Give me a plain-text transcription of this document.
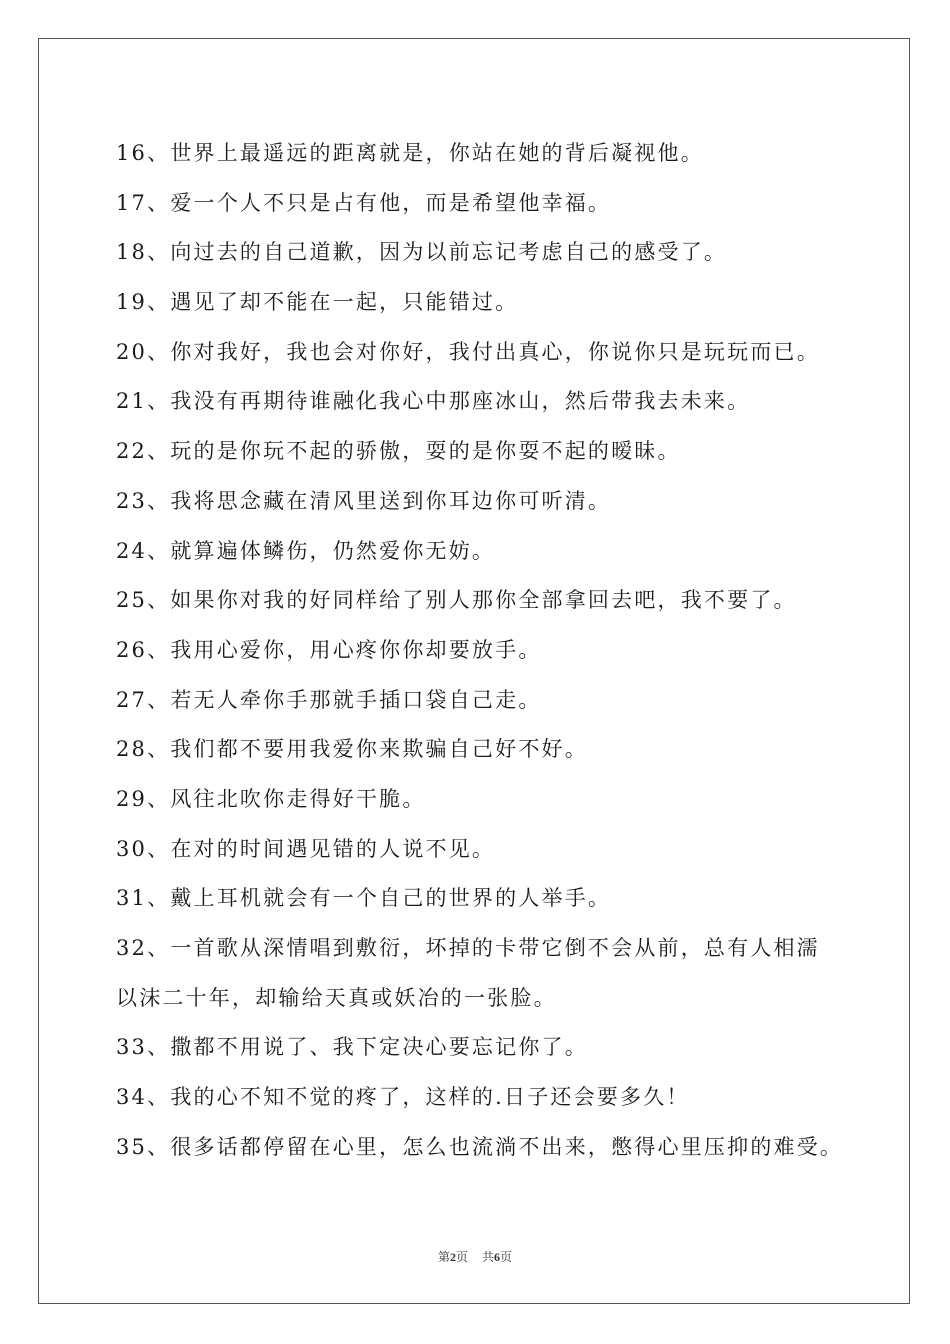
16、世界上最遥远的距离就是，你站在她的背后凝视他。
17、爱一个人不只是占有他，而是希望他幸福。
18、向过去的自己道歉，因为以前忘记考虑自己的感受了。
19、遇见了却不能在一起，只能错过。
20、你对我好，我也会对你好，我付出真心，你说你只是玩玩而已。
21、我没有再期待谁融化我心中那座冰山，然后带我去未来。
22、玩的是你玩不起的骄傲，耍的是你耍不起的暧昧。
23、我将思念藏在清风里送到你耳边你可听清。
24、就算遍体鳞伤，仍然爱你无妨。
25、如果你对我的好同样给了别人那你全部拿回去吧，我不要了。
26、我用心爱你，用心疼你你却要放手。
27、若无人牵你手那就手插口袋自己走。
28、我们都不要用我爱你来欺骗自己好不好。
29、风往北吹你走得好干脆。
30、在对的时间遇见错的人说不见。
31、戴上耳机就会有一个自己的世界的人举手。
32、一首歌从深情唱到敷衍，坏掉的卡带它倒不会从前，总有人相濡
以沫二十年，却输给天真或妖冶的一张脸。
33、撒都不用说了、我下定决心要忘记你了。
34、我的心不知不觉的疼了，这样的.日子还会要多久！
35、很多话都停留在心里，怎么也流淌不出来，憋得心里压抑的难受。
第2页 共6页
